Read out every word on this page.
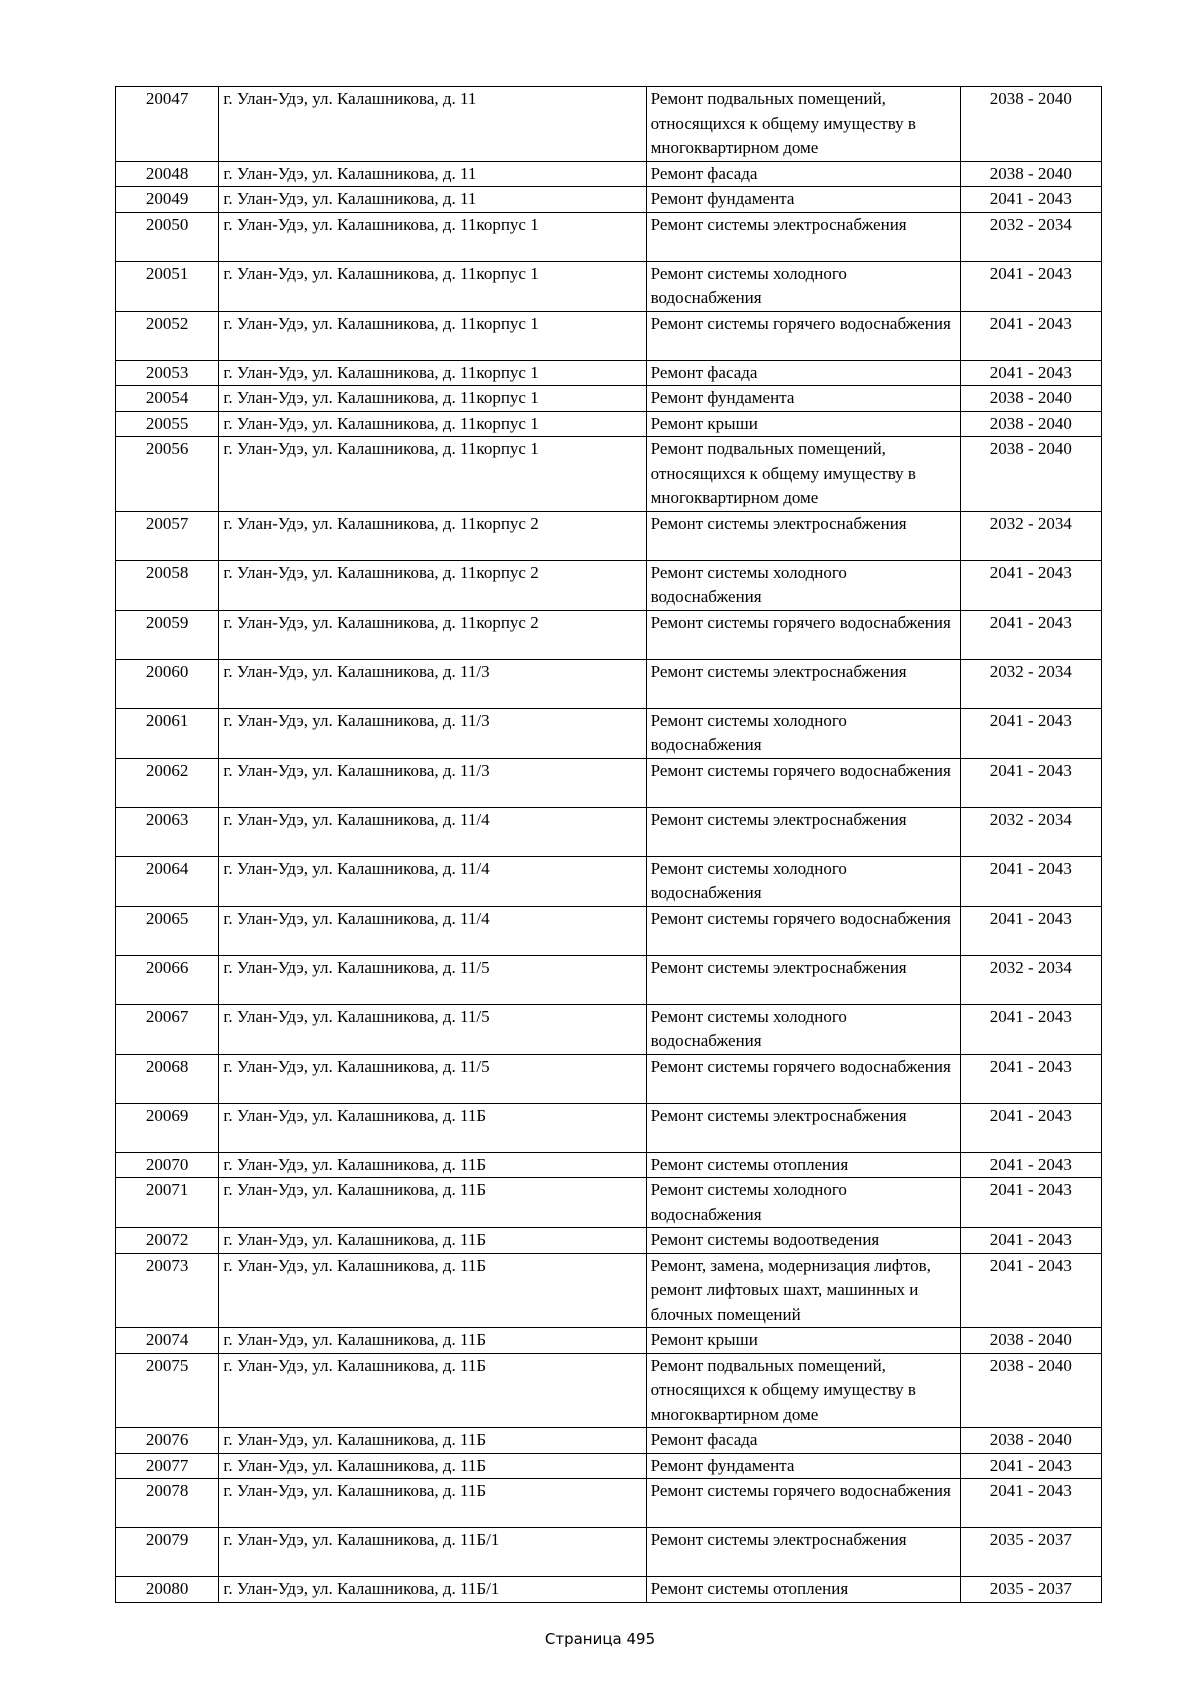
20047	г. Улан-Удэ, ул. Калашникова, д. 11	Ремонт подвальных помещений, относящихся к общему имуществу в многоквартирном доме	2038 - 2040
20048	г. Улан-Удэ, ул. Калашникова, д. 11	Ремонт фасада	2038 - 2040
20049	г. Улан-Удэ, ул. Калашникова, д. 11	Ремонт фундамента	2041 - 2043
20050	г. Улан-Удэ, ул. Калашникова, д. 11корпус 1	Ремонт системы электроснабжения	2032 - 2034
20051	г. Улан-Удэ, ул. Калашникова, д. 11корпус 1	Ремонт системы холодного водоснабжения	2041 - 2043
20052	г. Улан-Удэ, ул. Калашникова, д. 11корпус 1	Ремонт системы горячего водоснабжения	2041 - 2043
20053	г. Улан-Удэ, ул. Калашникова, д. 11корпус 1	Ремонт фасада	2041 - 2043
20054	г. Улан-Удэ, ул. Калашникова, д. 11корпус 1	Ремонт фундамента	2038 - 2040
20055	г. Улан-Удэ, ул. Калашникова, д. 11корпус 1	Ремонт крыши	2038 - 2040
20056	г. Улан-Удэ, ул. Калашникова, д. 11корпус 1	Ремонт подвальных помещений, относящихся к общему имуществу в многоквартирном доме	2038 - 2040
20057	г. Улан-Удэ, ул. Калашникова, д. 11корпус 2	Ремонт системы электроснабжения	2032 - 2034
20058	г. Улан-Удэ, ул. Калашникова, д. 11корпус 2	Ремонт системы холодного водоснабжения	2041 - 2043
20059	г. Улан-Удэ, ул. Калашникова, д. 11корпус 2	Ремонт системы горячего водоснабжения	2041 - 2043
20060	г. Улан-Удэ, ул. Калашникова, д. 11/3	Ремонт системы электроснабжения	2032 - 2034
20061	г. Улан-Удэ, ул. Калашникова, д. 11/3	Ремонт системы холодного водоснабжения	2041 - 2043
20062	г. Улан-Удэ, ул. Калашникова, д. 11/3	Ремонт системы горячего водоснабжения	2041 - 2043
20063	г. Улан-Удэ, ул. Калашникова, д. 11/4	Ремонт системы электроснабжения	2032 - 2034
20064	г. Улан-Удэ, ул. Калашникова, д. 11/4	Ремонт системы холодного водоснабжения	2041 - 2043
20065	г. Улан-Удэ, ул. Калашникова, д. 11/4	Ремонт системы горячего водоснабжения	2041 - 2043
20066	г. Улан-Удэ, ул. Калашникова, д. 11/5	Ремонт системы электроснабжения	2032 - 2034
20067	г. Улан-Удэ, ул. Калашникова, д. 11/5	Ремонт системы холодного водоснабжения	2041 - 2043
20068	г. Улан-Удэ, ул. Калашникова, д. 11/5	Ремонт системы горячего водоснабжения	2041 - 2043
20069	г. Улан-Удэ, ул. Калашникова, д. 11Б	Ремонт системы электроснабжения	2041 - 2043
20070	г. Улан-Удэ, ул. Калашникова, д. 11Б	Ремонт системы отопления	2041 - 2043
20071	г. Улан-Удэ, ул. Калашникова, д. 11Б	Ремонт системы холодного водоснабжения	2041 - 2043
20072	г. Улан-Удэ, ул. Калашникова, д. 11Б	Ремонт системы водоотведения	2041 - 2043
20073	г. Улан-Удэ, ул. Калашникова, д. 11Б	Ремонт, замена, модернизация лифтов, ремонт лифтовых шахт, машинных и блочных помещений	2041 - 2043
20074	г. Улан-Удэ, ул. Калашникова, д. 11Б	Ремонт крыши	2038 - 2040
20075	г. Улан-Удэ, ул. Калашникова, д. 11Б	Ремонт подвальных помещений, относящихся к общему имуществу в многоквартирном доме	2038 - 2040
20076	г. Улан-Удэ, ул. Калашникова, д. 11Б	Ремонт фасада	2038 - 2040
20077	г. Улан-Удэ, ул. Калашникова, д. 11Б	Ремонт фундамента	2041 - 2043
20078	г. Улан-Удэ, ул. Калашникова, д. 11Б	Ремонт системы горячего водоснабжения	2041 - 2043
20079	г. Улан-Удэ, ул. Калашникова, д. 11Б/1	Ремонт системы электроснабжения	2035 - 2037
20080	г. Улан-Удэ, ул. Калашникова, д. 11Б/1	Ремонт системы отопления	2035 - 2037
Страница 495
